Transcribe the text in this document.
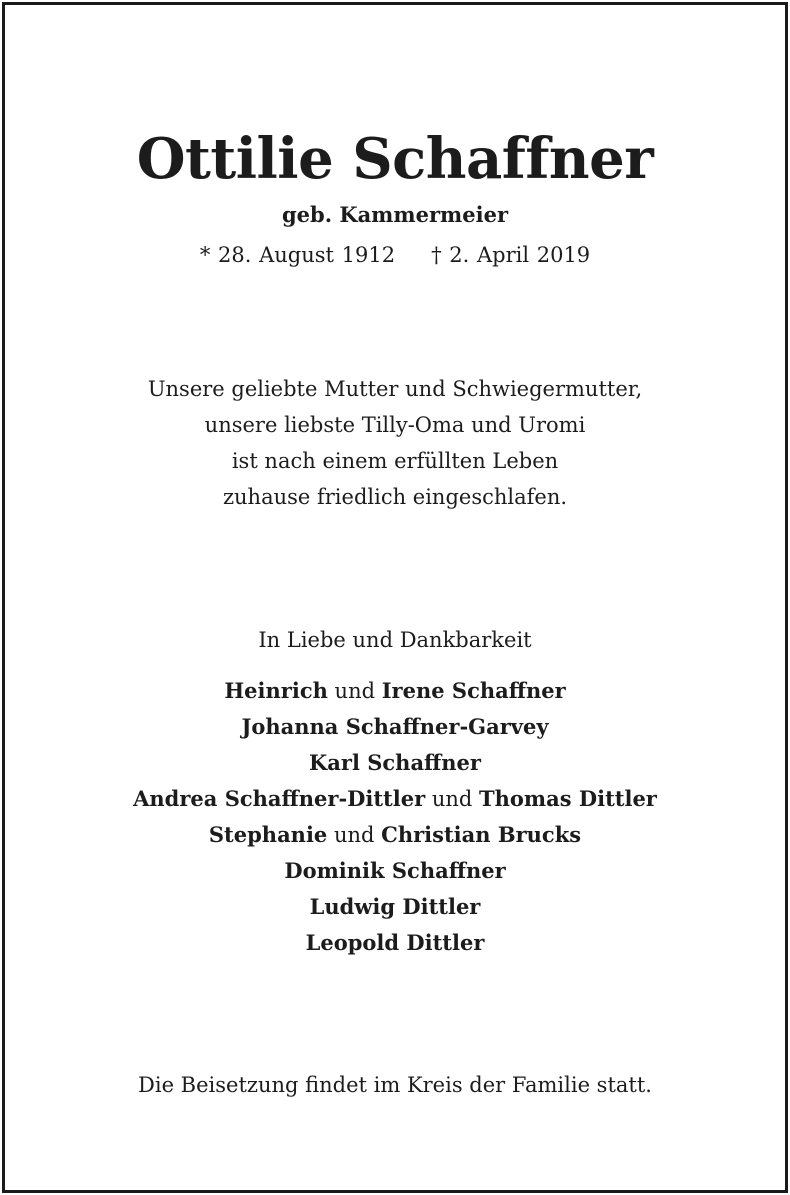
Ottilie Schaffner
geb. Kammermeier
* 28. August 1912 † 2. April 2019
Unsere geliebte Mutter und Schwiegermutter,
unsere liebste Tilly-Oma und Uromi
ist nach einem erfüllten Leben
zuhause friedlich eingeschlafen.
In Liebe und Dankbarkeit
Heinrich und Irene Schaffner
Johanna Schaffner-Garvey
Karl Schaffner
Andrea Schaffner-Dittler und Thomas Dittler
Stephanie und Christian Brucks
Dominik Schaffner
Ludwig Dittler
Leopold Dittler
Die Beisetzung findet im Kreis der Familie statt.
